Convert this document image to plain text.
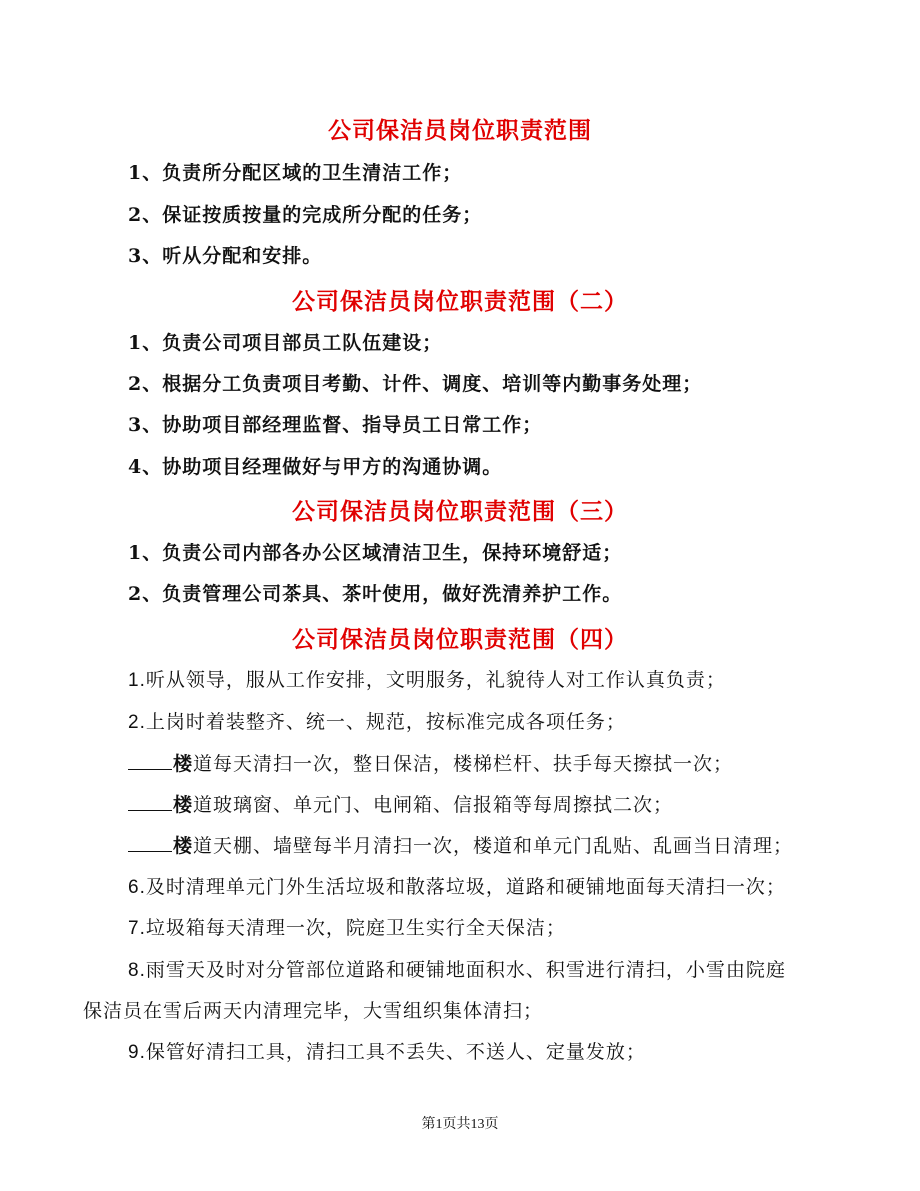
公司保洁员岗位职责范围
1、负责所分配区域的卫生清洁工作；
2、保证按质按量的完成所分配的任务；
3、听从分配和安排。
公司保洁员岗位职责范围（二）
1、负责公司项目部员工队伍建设；
2、根据分工负责项目考勤、计件、调度、培训等内勤事务处理；
3、协助项目部经理监督、指导员工日常工作；
4、协助项目经理做好与甲方的沟通协调。
公司保洁员岗位职责范围（三）
1、负责公司内部各办公区域清洁卫生，保持环境舒适；
2、负责管理公司茶具、茶叶使用，做好洗清养护工作。
公司保洁员岗位职责范围（四）
1.听从领导，服从工作安排，文明服务，礼貌待人对工作认真负责；
2.上岗时着装整齐、统一、规范，按标准完成各项任务；
楼道每天清扫一次，整日保洁，楼梯栏杆、扶手每天擦拭一次；
楼道玻璃窗、单元门、电闸箱、信报箱等每周擦拭二次；
楼道天棚、墙壁每半月清扫一次，楼道和单元门乱贴、乱画当日清理；
6.及时清理单元门外生活垃圾和散落垃圾，道路和硬铺地面每天清扫一次；
7.垃圾箱每天清理一次，院庭卫生实行全天保洁；
8.雨雪天及时对分管部位道路和硬铺地面积水、积雪进行清扫，小雪由院庭
保洁员在雪后两天内清理完毕，大雪组织集体清扫；
9.保管好清扫工具，清扫工具不丢失、不送人、定量发放；
第1页共13页
